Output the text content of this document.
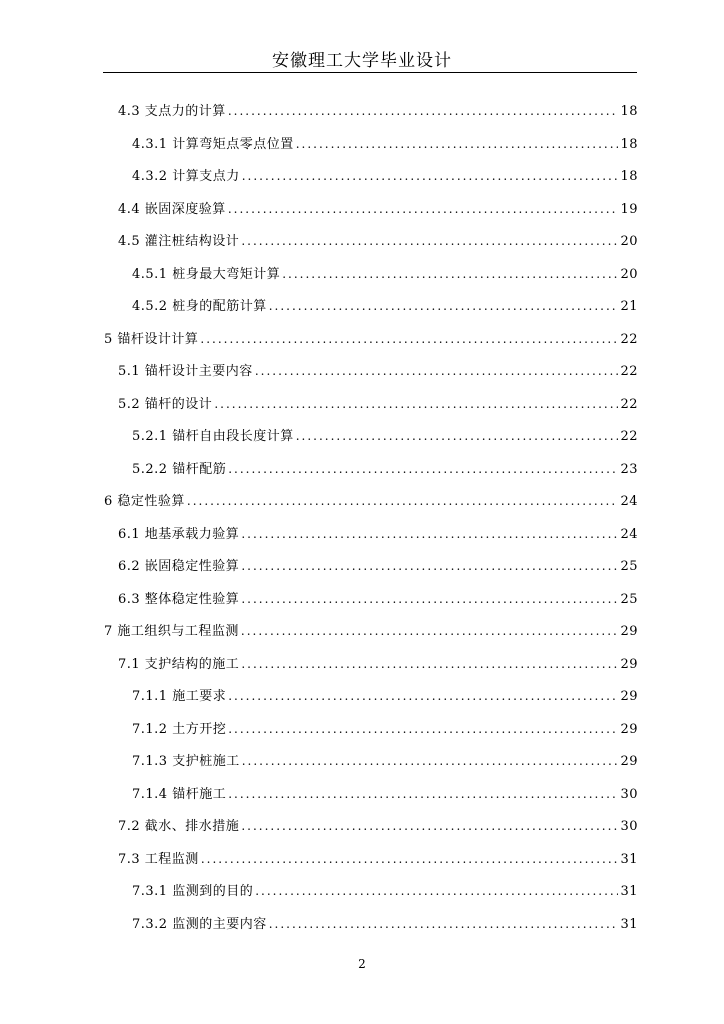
安徽理工大学毕业设计
4.3 支点力的计算 .....	18
4.3.1 计算弯矩点零点位置 .....	18
4.3.2 计算支点力 .....	18
4.4 嵌固深度验算 .....	19
4.5 灌注桩结构设计 .....	20
4.5.1 桩身最大弯矩计算 .....	20
4.5.2 桩身的配筋计算 .....	21
5 锚杆设计计算 .....	22
5.1 锚杆设计主要内容 .....	22
5.2 锚杆的设计 .....	22
5.2.1 锚杆自由段长度计算 .....	22
5.2.2 锚杆配筋 .....	23
6 稳定性验算 .....	24
6.1 地基承载力验算 .....	24
6.2 嵌固稳定性验算 .....	25
6.3 整体稳定性验算 .....	25
7 施工组织与工程监测 .....	29
7.1 支护结构的施工 .....	29
7.1.1 施工要求 .....	29
7.1.2 土方开挖 .....	29
7.1.3 支护桩施工 .....	29
7.1.4 锚杆施工 .....	30
7.2 截水、排水措施 .....	30
7.3 工程监测 .....	31
7.3.1 监测到的目的 .....	31
7.3.2 监测的主要内容 .....	31
2
